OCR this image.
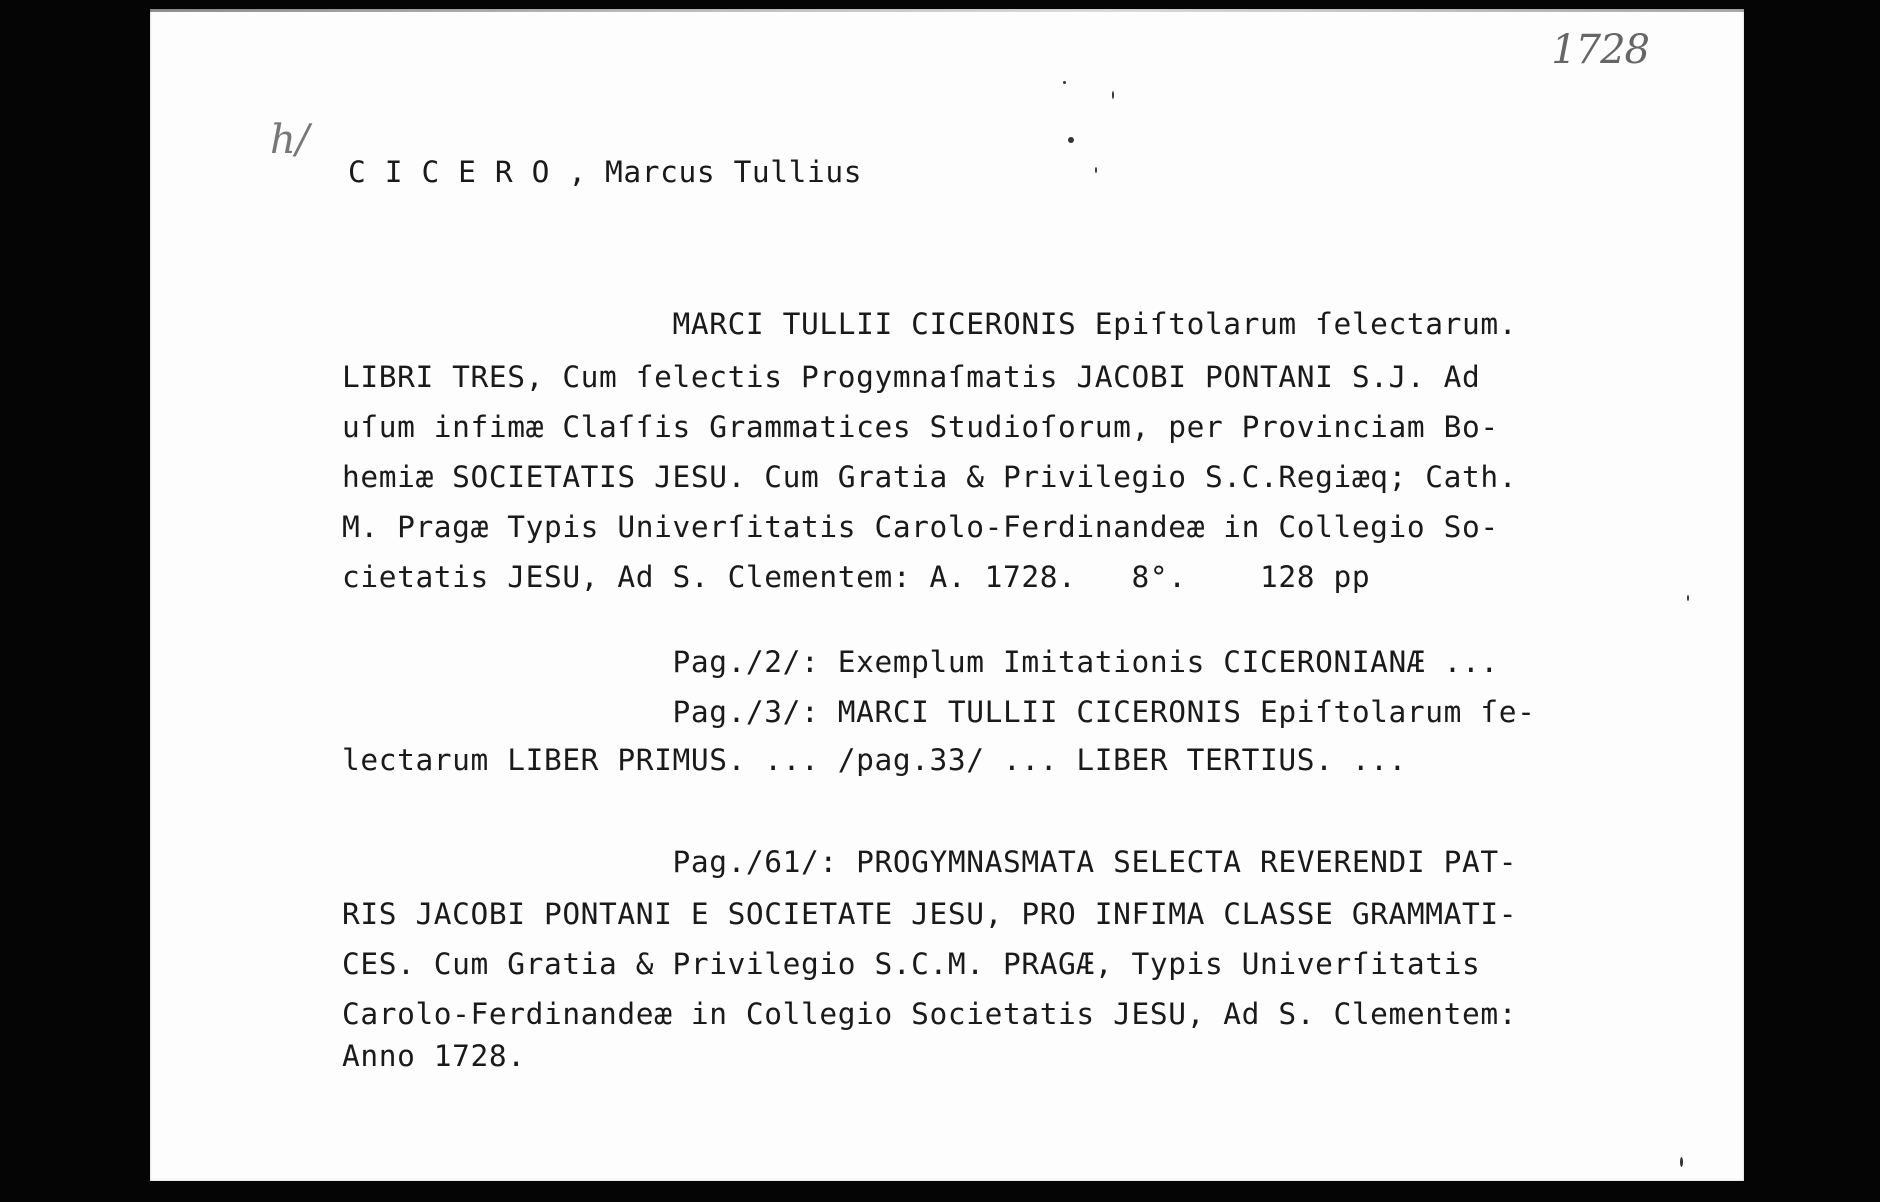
1728

h/

C I C E R O , Marcus Tullius

MARCI TULLII CICERONIS Epiſtolarum ſelectarum.

LIBRI TRES, Cum ſelectis Progymnaſmatis JACOBI PONTANI S.J. Ad

uſum infimæ Claſſis Grammatices Studioſorum, per Provinciam Bo-

hemiæ SOCIETATIS JESU. Cum Gratia & Privilegio S.C.Regiæq; Cath.

M. Pragæ Typis Univerſitatis Carolo-Ferdinandeæ in Collegio So-

cietatis JESU, Ad S. Clementem: A. 1728.   8°.    128 pp

Pag./2/: Exemplum Imitationis CICERONIANÆ ...

Pag./3/: MARCI TULLII CICERONIS Epiſtolarum ſe-

lectarum LIBER PRIMUS. ... /pag.33/ ... LIBER TERTIUS. ...

Pag./61/: PROGYMNASMATA SELECTA REVERENDI PAT-

RIS JACOBI PONTANI E SOCIETATE JESU, PRO INFIMA CLASSE GRAMMATI-

CES. Cum Gratia & Privilegio S.C.M. PRAGÆ, Typis Univerſitatis

Carolo-Ferdinandeæ in Collegio Societatis JESU, Ad S. Clementem:

Anno 1728.
